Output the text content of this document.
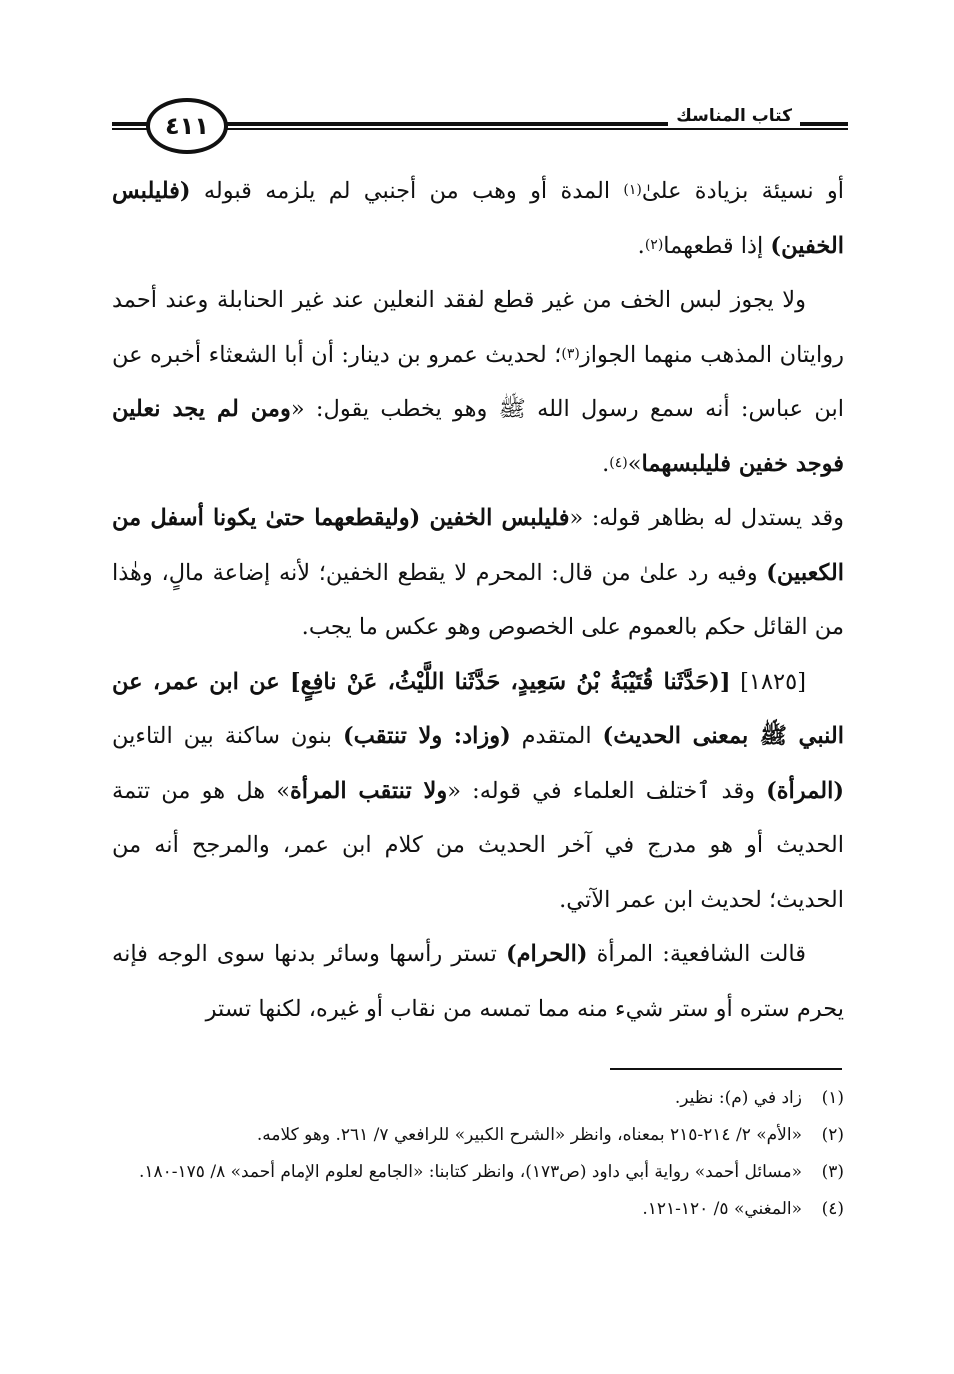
كتاب المناسك
٤١١

أو نسيئة بزيادة علىٰ$^{(١)}$ المدة أو وهب من أجنبي لم يلزمه قبوله (فليلبس الخفين) إذا قطعهما$^{(٢)}$.

ولا يجوز لبس الخف من غير قطع لفقد النعلين عند غير الحنابلة وعند أحمد روايتان المذهب منهما الجواز$^{(٣)}$؛ لحديث عمرو بن دينار: أن أبا الشعثاء أخبره عن ابن عباس: أنه سمع رسول الله ﷺ وهو يخطب يقول: «ومن لم يجد نعلين فوجد خفين فليلبسهما»$^{(٤)}$.

وقد يستدل له بظاهر قوله: «فليلبس الخفين (وليقطعهما حتىٰ يكونا أسفل من الكعبين) وفيه رد علىٰ من قال: المحرم لا يقطع الخفين؛ لأنه إضاعة مالٍ، وهٰذا من القائل حكم بالعموم على الخصوص وهو عكس ما يجب.

[١٨٢٥] [(حَدَّثَنا قُتَيْبَةُ بْنُ سَعِيدٍ، حَدَّثَنا اللَّيْثُ، عَنْ نافِعٍ] عن ابن عمر، عن النبي ﷺ بمعنى الحديث) المتقدم (وزاد: ولا تنتقب) بنون ساكنة بين التاءين (المرأة) وقد ٱختلف العلماء في قوله: «ولا تنتقب المرأة» هل هو من تتمة الحديث أو هو مدرج في آخر الحديث من كلام ابن عمر، والمرجح أنه من الحديث؛ لحديث ابن عمر الآتي.

قالت الشافعية: المرأة (الحرام) تستر رأسها وسائر بدنها سوى الوجه فإنه يحرم ستره أو ستر شيء منه مما تمسه من نقاب أو غيره، لكنها تستر

(١)
زاد في (م): نظير.
(٢)
«الأم» ٢/ ٢١٤-٢١٥ بمعناه، وانظر «الشرح الكبير» للرافعي ٧/ ٢٦١. وهو كلامه.
(٣)
«مسائل أحمد» رواية أبي داود (ص١٧٣)، وانظر كتابنا: «الجامع لعلوم الإمام أحمد» ٨/ ١٧٥-١٨٠.
(٤)
«المغني» ٥/ ١٢٠-١٢١.
